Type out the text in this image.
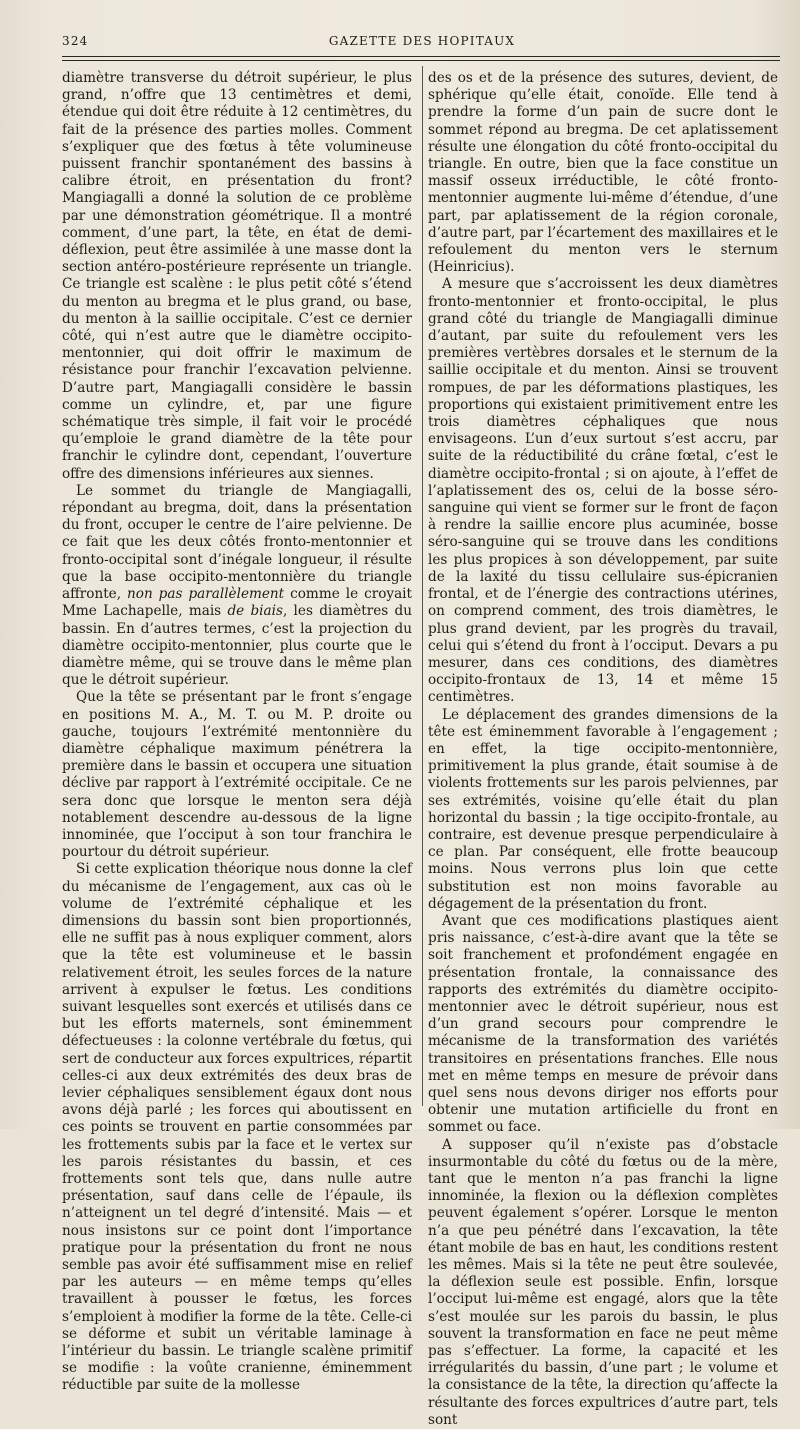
324	GAZETTE DES HOPITAUX

diamètre transverse du détroit supérieur, le plus grand, n’offre que 13 centimètres et demi, étendue qui doit être réduite à 12 centimètres, du fait de la présence des parties molles. Comment s’expliquer que des fœtus à tête volumineuse puissent franchir spontanément des bassins à calibre étroit, en présentation du front? Mangiagalli a donné la solution de ce problème par une démonstration géométrique. Il a montré comment, d’une part, la tête, en état de demi-déflexion, peut être assimilée à une masse dont la section antéro-postérieure représente un triangle. Ce triangle est scalène : le plus petit côté s’étend du menton au bregma et le plus grand, ou base, du menton à la saillie occipitale. C’est ce dernier côté, qui n’est autre que le diamètre occipito-mentonnier, qui doit offrir le maximum de résistance pour franchir l’excavation pelvienne. D’autre part, Mangiagalli considère le bassin comme un cylindre, et, par une figure schématique très simple, il fait voir le procédé qu’emploie le grand diamètre de la tête pour franchir le cylindre dont, cependant, l’ouverture offre des dimensions inférieures aux siennes.

Le sommet du triangle de Mangiagalli, répondant au bregma, doit, dans la présentation du front, occuper le centre de l’aire pelvienne. De ce fait que les deux côtés fronto-mentonnier et fronto-occipital sont d’inégale longueur, il résulte que la base occipito-mentonnière du triangle affronte, non pas parallèlement comme le croyait Mme Lachapelle, mais de biais, les diamètres du bassin. En d’autres termes, c’est la projection du diamètre occipito-mentonnier, plus courte que le diamètre même, qui se trouve dans le même plan que le détroit supérieur.

Que la tête se présentant par le front s’engage en positions M. A., M. T. ou M. P. droite ou gauche, toujours l’extrémité mentonnière du diamètre céphalique maximum pénétrera la première dans le bassin et occupera une situation déclive par rapport à l’extrémité occipitale. Ce ne sera donc que lorsque le menton sera déjà notablement descendre au-dessous de la ligne innominée, que l’occiput à son tour franchira le pourtour du détroit supérieur.

Si cette explication théorique nous donne la clef du mécanisme de l’engagement, aux cas où le volume de l’extrémité céphalique et les dimensions du bassin sont bien proportionnés, elle ne suffit pas à nous expliquer comment, alors que la tête est volumineuse et le bassin relativement étroit, les seules forces de la nature arrivent à expulser le fœtus. Les conditions suivant lesquelles sont exercés et utilisés dans ce but les efforts maternels, sont éminemment défectueuses : la colonne vertébrale du fœtus, qui sert de conducteur aux forces expultrices, répartit celles-ci aux deux extrémités des deux bras de levier céphaliques sensiblement égaux dont nous avons déjà parlé ; les forces qui aboutissent en ces points se trouvent en partie consommées par les frottements subis par la face et le vertex sur les parois résistantes du bassin, et ces frottements sont tels que, dans nulle autre présentation, sauf dans celle de l’épaule, ils n’atteignent un tel degré d’intensité. Mais — et nous insistons sur ce point dont l’importance pratique pour la présentation du front ne nous semble pas avoir été suffisamment mise en relief par les auteurs — en même temps qu’elles travaillent à pousser le fœtus, les forces s’emploient à modifier la forme de la tête. Celle-ci se déforme et subit un véritable laminage à l’intérieur du bassin. Le triangle scalène primitif se modifie : la voûte cranienne, éminemment réductible par suite de la mollesse

des os et de la présence des sutures, devient, de sphérique qu’elle était, conoïde. Elle tend à prendre la forme d’un pain de sucre dont le sommet répond au bregma. De cet aplatissement résulte une élongation du côté fronto-occipital du triangle. En outre, bien que la face constitue un massif osseux irréductible, le côté fronto-mentonnier augmente lui-même d’étendue, d’une part, par aplatissement de la région coronale, d’autre part, par l’écartement des maxillaires et le refoulement du menton vers le sternum (Heinricius).

A mesure que s’accroissent les deux diamètres fronto-mentonnier et fronto-occipital, le plus grand côté du triangle de Mangiagalli diminue d’autant, par suite du refoulement vers les premières vertèbres dorsales et le sternum de la saillie occipitale et du menton. Ainsi se trouvent rompues, de par les déformations plastiques, les proportions qui existaient primitivement entre les trois diamètres céphaliques que nous envisageons. L’un d’eux surtout s’est accru, par suite de la réductibilité du crâne fœtal, c’est le diamètre occipito-frontal ; si on ajoute, à l’effet de l’aplatissement des os, celui de la bosse séro-sanguine qui vient se former sur le front de façon à rendre la saillie encore plus acuminée, bosse séro-sanguine qui se trouve dans les conditions les plus propices à son développement, par suite de la laxité du tissu cellulaire sus-épicranien frontal, et de l’énergie des contractions utérines, on comprend comment, des trois diamètres, le plus grand devient, par les progrès du travail, celui qui s’étend du front à l’occiput. Devars a pu mesurer, dans ces conditions, des diamètres occipito-frontaux de 13, 14 et même 15 centimètres.

Le déplacement des grandes dimensions de la tête est éminemment favorable à l’engagement ; en effet, la tige occipito-mentonnière, primitivement la plus grande, était soumise à de violents frottements sur les parois pelviennes, par ses extrémités, voisine qu’elle était du plan horizontal du bassin ; la tige occipito-frontale, au contraire, est devenue presque perpendiculaire à ce plan. Par conséquent, elle frotte beaucoup moins. Nous verrons plus loin que cette substitution est non moins favorable au dégagement de la présentation du front.

Avant que ces modifications plastiques aient pris naissance, c’est-à-dire avant que la tête se soit franchement et profondément engagée en présentation frontale, la connaissance des rapports des extrémités du diamètre occipito-mentonnier avec le détroit supérieur, nous est d’un grand secours pour comprendre le mécanisme de la transformation des variétés transitoires en présentations franches. Elle nous met en même temps en mesure de prévoir dans quel sens nous devons diriger nos efforts pour obtenir une mutation artificielle du front en sommet ou face.

A supposer qu’il n’existe pas d’obstacle insurmontable du côté du fœtus ou de la mère, tant que le menton n’a pas franchi la ligne innominée, la flexion ou la déflexion complètes peuvent également s’opérer. Lorsque le menton n’a que peu pénétré dans l’excavation, la tête étant mobile de bas en haut, les conditions restent les mêmes. Mais si la tête ne peut être soulevée, la déflexion seule est possible. Enfin, lorsque l’occiput lui-même est engagé, alors que la tête s’est moulée sur les parois du bassin, le plus souvent la transformation en face ne peut même pas s’effectuer. La forme, la capacité et les irrégularités du bassin, d’une part ; le volume et la consistance de la tête, la direction qu’affecte la résultante des forces expultrices d’autre part, tels sont
